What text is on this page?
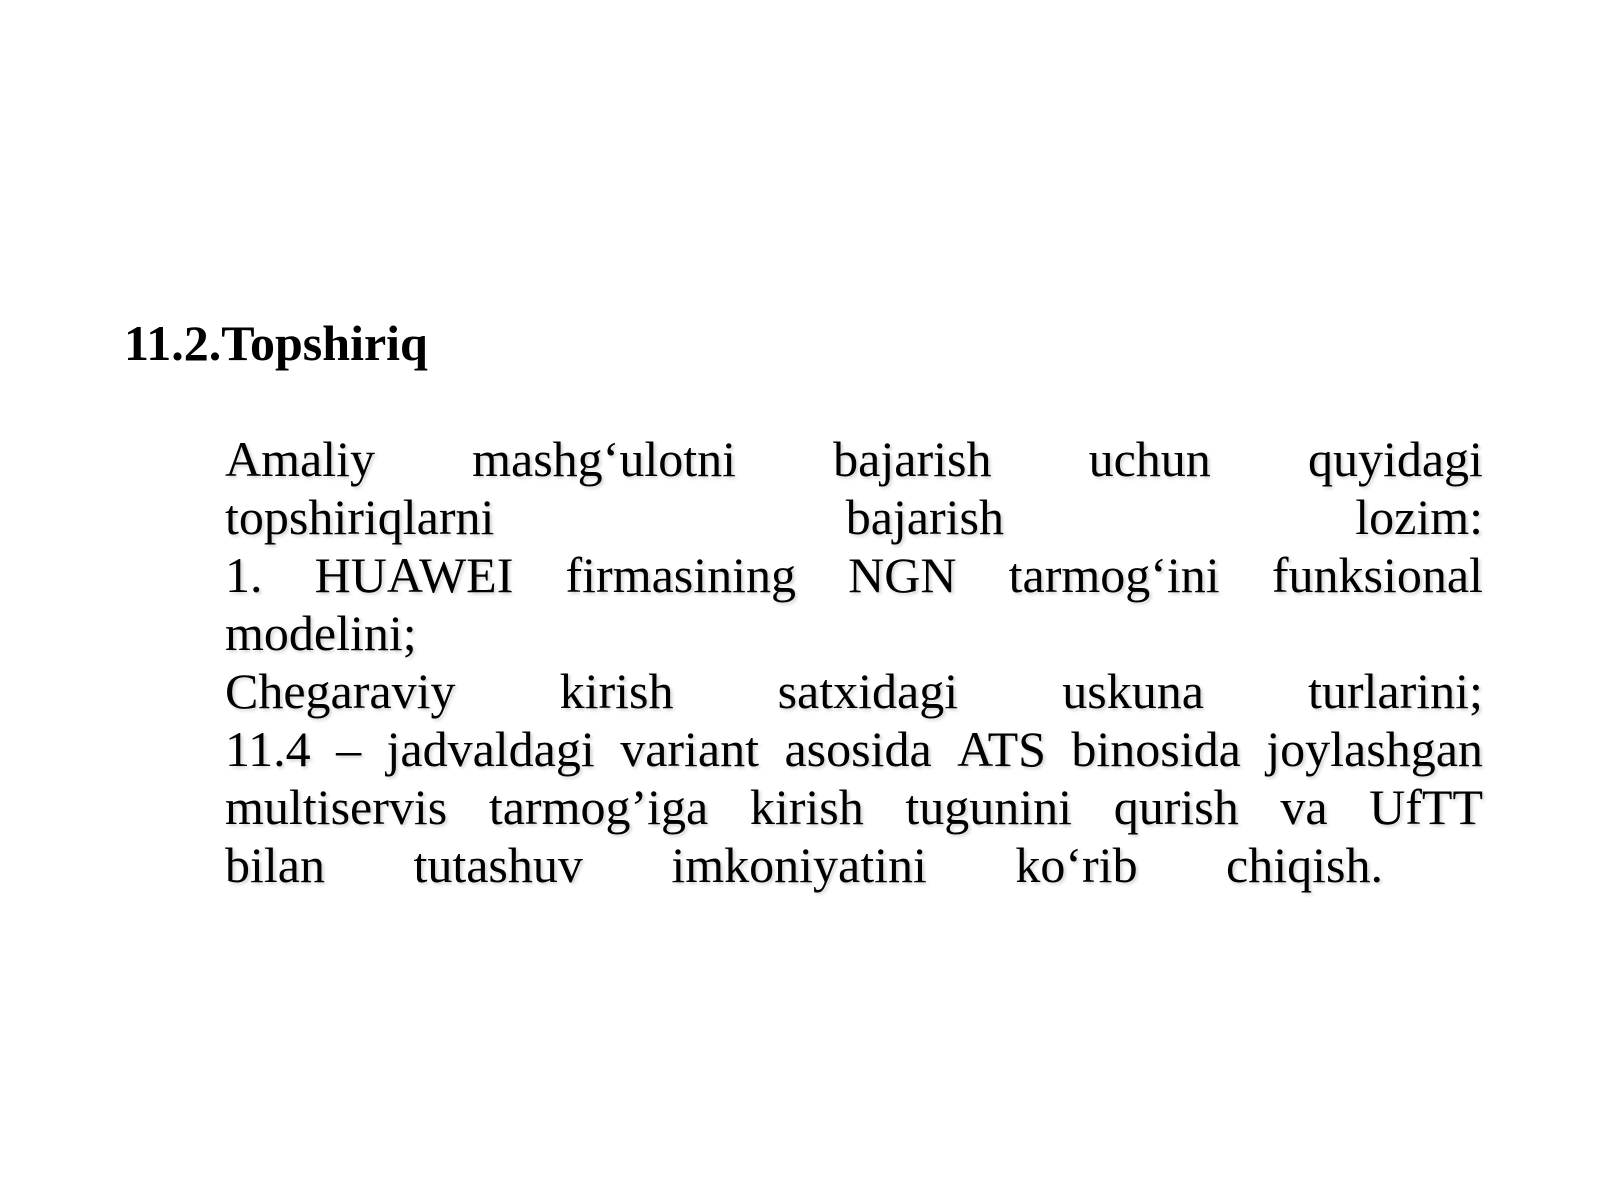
11.2.Topshiriq
Amaliy mashg‘ulotni bajarish uchun quyidagi
topshiriqlarni	bajarish	lozim:
1. HUAWEI firmasining NGN tarmog‘ini funksional
modelini;
Chegaraviy kirish satxidagi uskuna turlarini;
11.4 – jadvaldagi variant asosida ATS binosida joylashgan
multiservis tarmog’iga kirish tugunini qurish va UfTT
bilan tutashuv imkoniyatini ko‘rib chiqish.
